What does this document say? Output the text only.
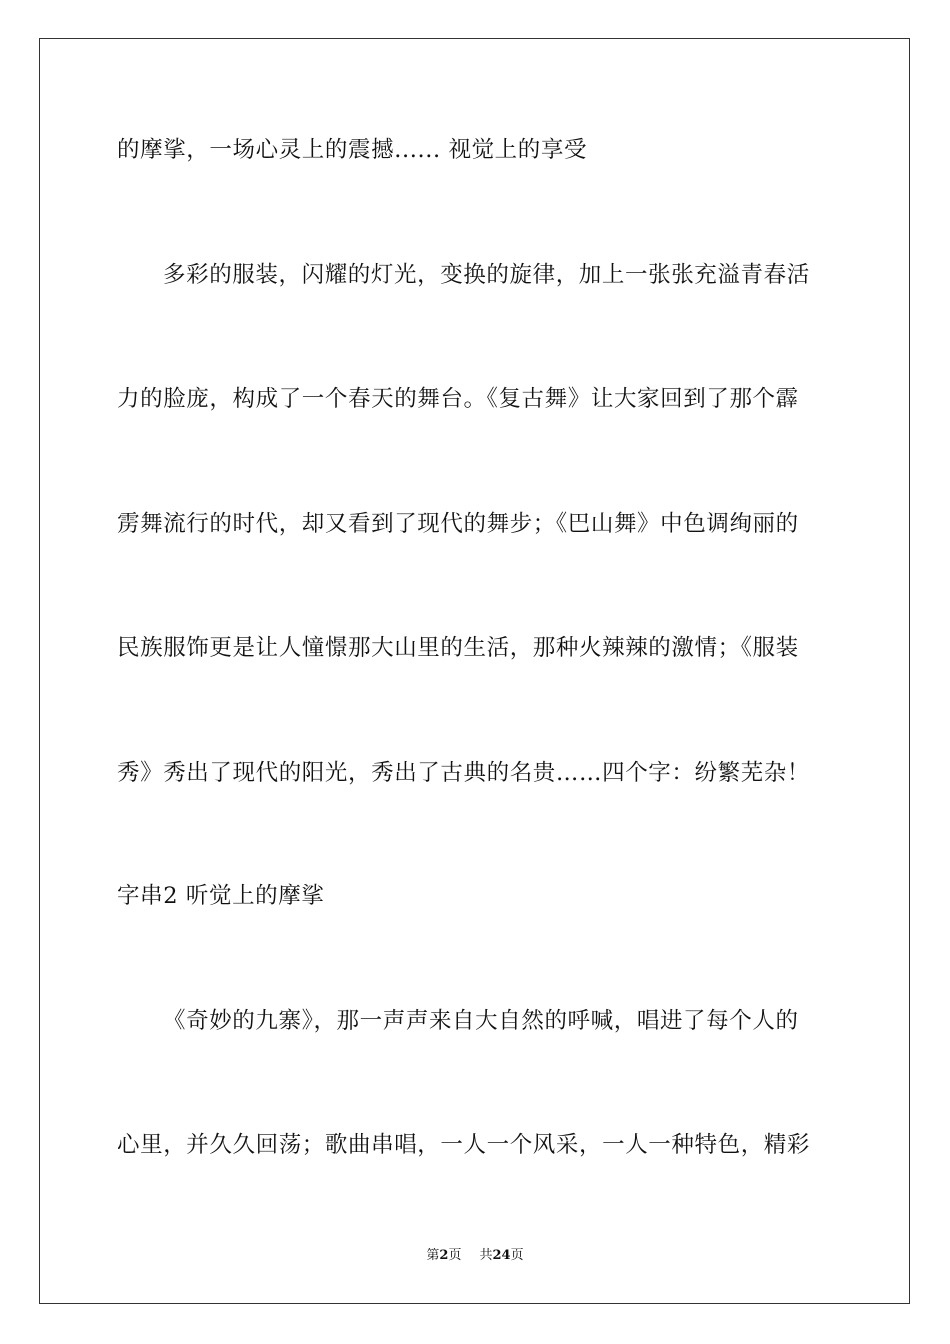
的摩挲，一场心灵上的震撼...... 视觉上的享受
多彩的服装，闪耀的灯光，变换的旋律，加上一张张充溢青春活
力的脸庞，构成了一个春天的舞台。《复古舞》让大家回到了那个霹
雳舞流行的时代，却又看到了现代的舞步；《巴山舞》中色调绚丽的
民族服饰更是让人憧憬那大山里的生活，那种火辣辣的激情；《服装
秀》秀出了现代的阳光，秀出了古典的名贵……四个字：纷繁芜杂！
字串2 听觉上的摩挲
《奇妙的九寨》，那一声声来自大自然的呼喊，唱进了每个人的
心里，并久久回荡；歌曲串唱，一人一个风采，一人一种特色，精彩
第2页 共24页
